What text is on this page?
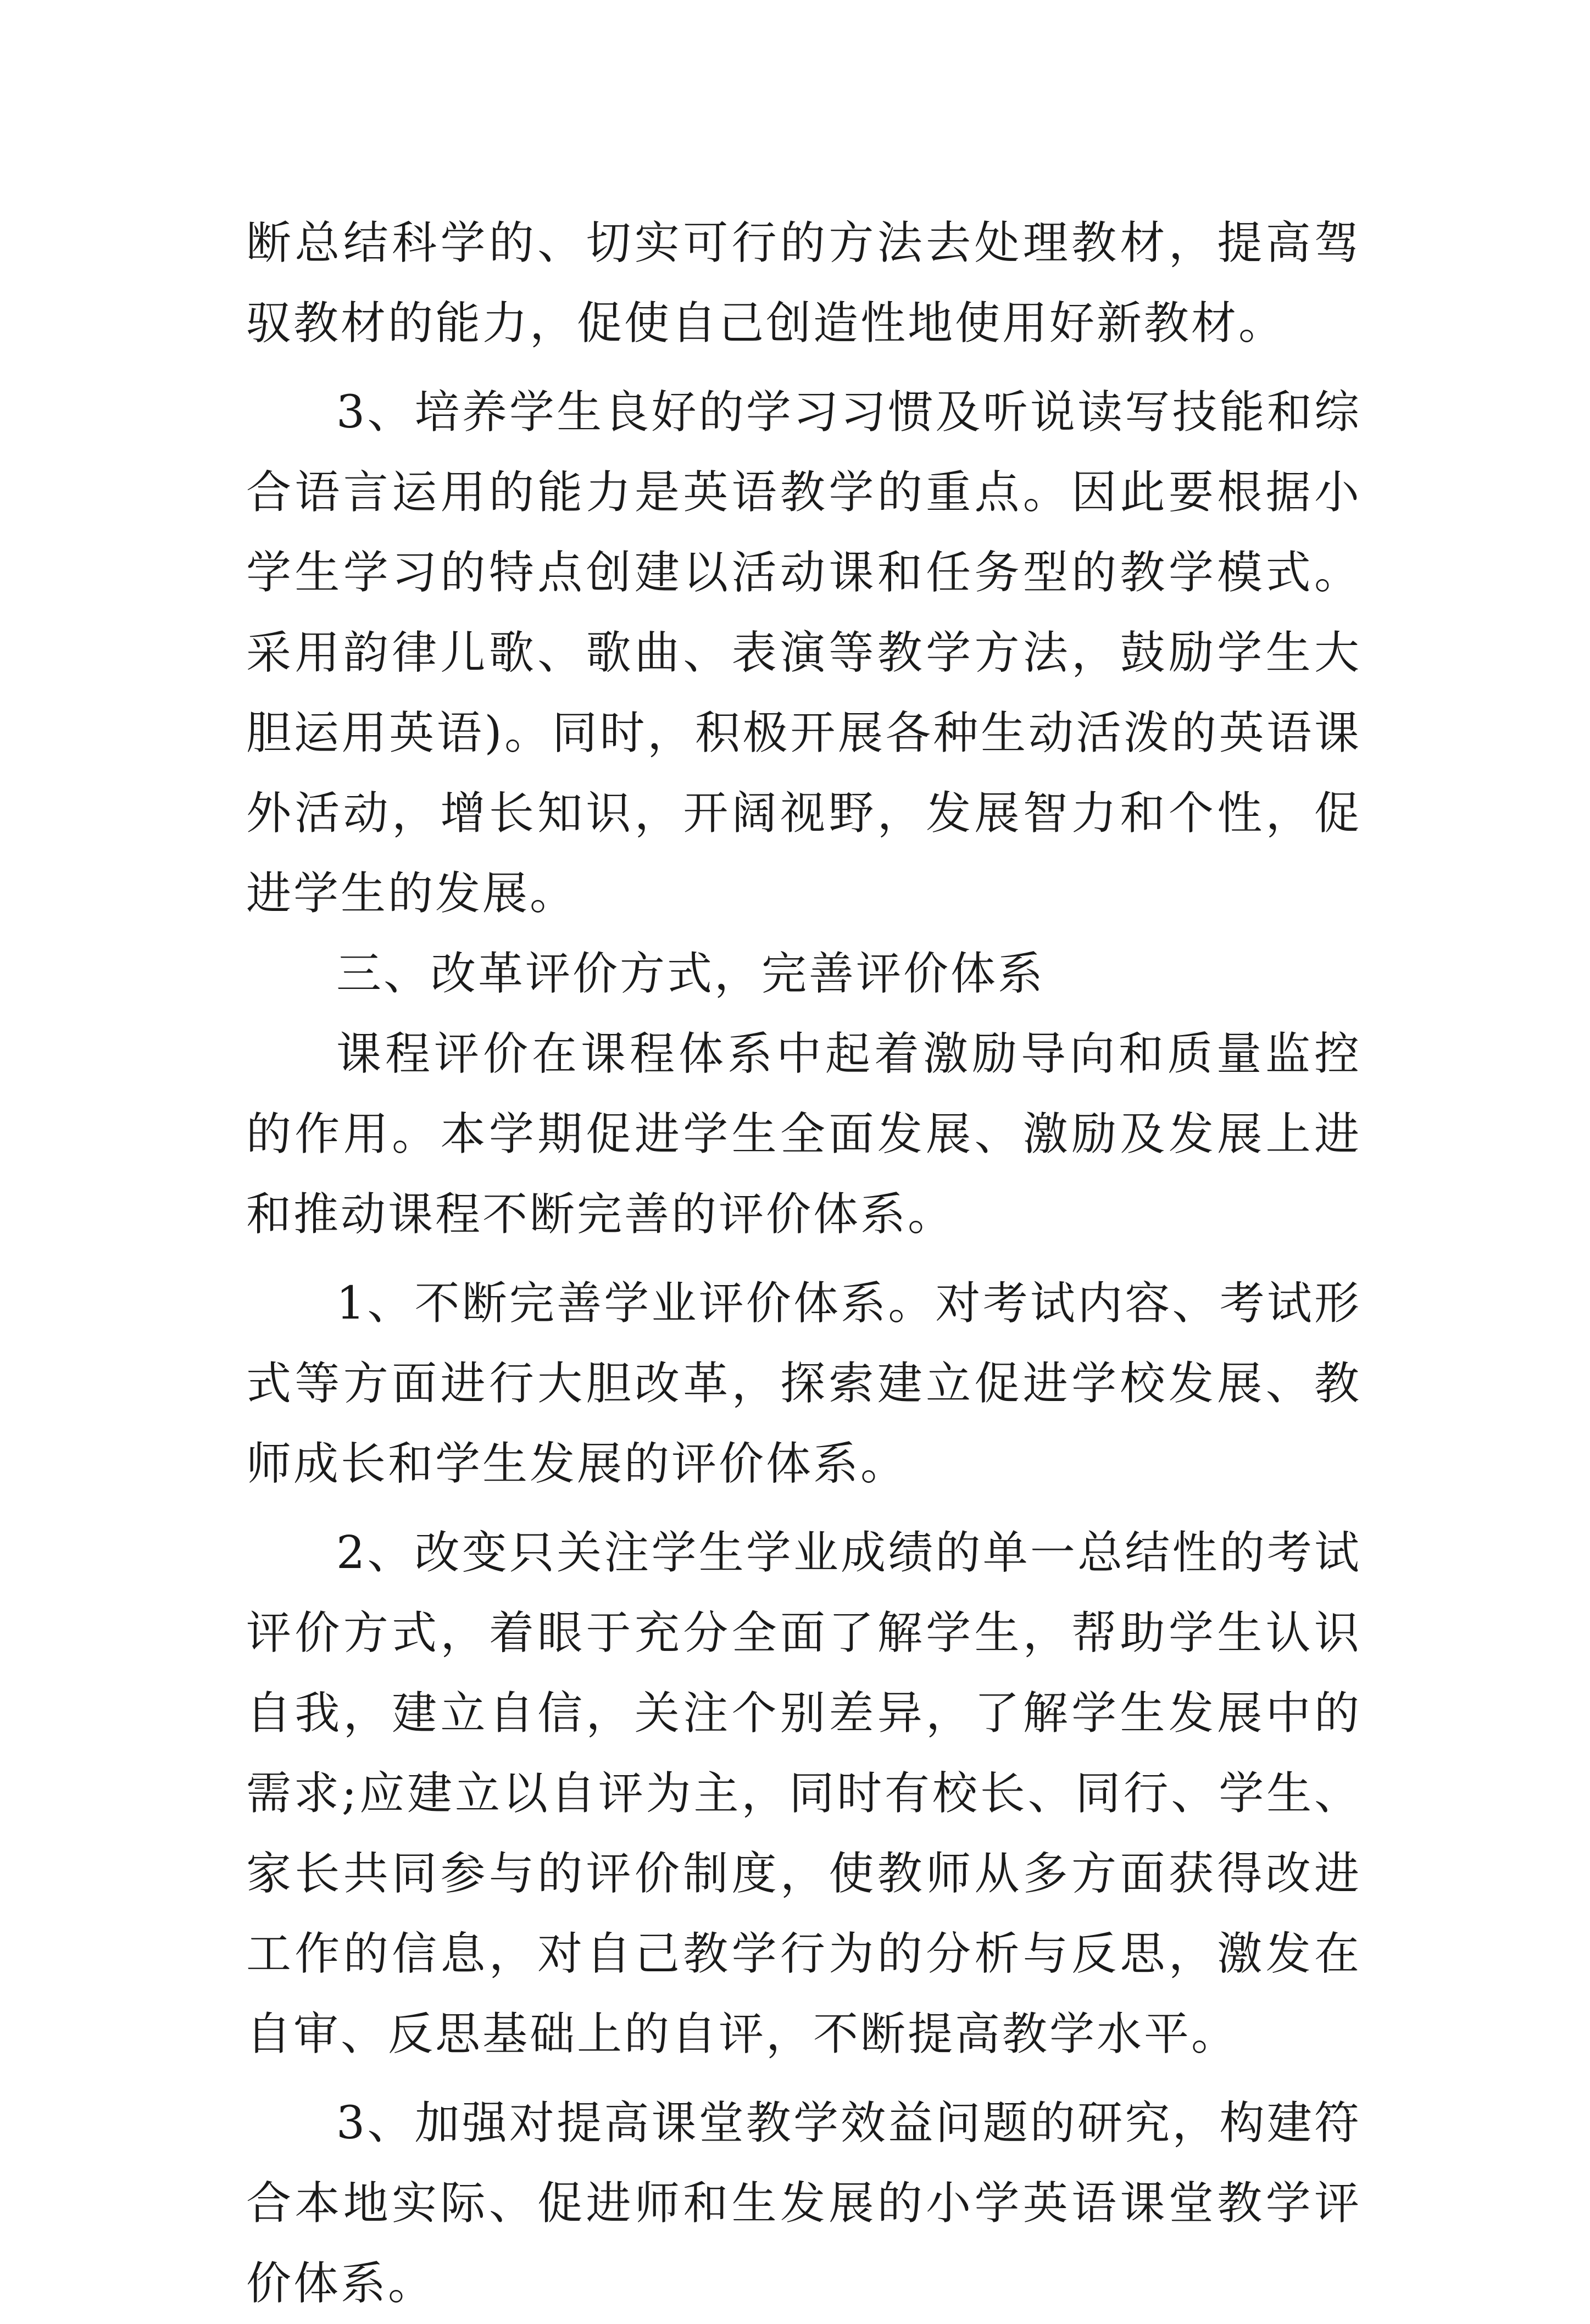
断总结科学的、切实可行的方法去处理教材，提高驾驭教材的能力，促使自己创造性地使用好新教材。

3、培养学生良好的学习习惯及听说读写技能和综合语言运用的能力是英语教学的重点。因此要根据小学生学习的特点创建以活动课和任务型的教学模式。采用韵律儿歌、歌曲、表演等教学方法，鼓励学生大胆运用英语)。同时，积极开展各种生动活泼的英语课外活动，增长知识，开阔视野，发展智力和个性，促进学生的发展。

三、改革评价方式，完善评价体系

课程评价在课程体系中起着激励导向和质量监控的作用。本学期促进学生全面发展、激励及发展上进和推动课程不断完善的评价体系。

1、不断完善学业评价体系。对考试内容、考试形式等方面进行大胆改革，探索建立促进学校发展、教师成长和学生发展的评价体系。

2、改变只关注学生学业成绩的单一总结性的考试评价方式，着眼于充分全面了解学生，帮助学生认识自我，建立自信，关注个别差异，了解学生发展中的需求;应建立以自评为主，同时有校长、同行、学生、家长共同参与的评价制度，使教师从多方面获得改进工作的信息，对自己教学行为的分析与反思，激发在自审、反思基础上的自评，不断提高教学水平。

3、加强对提高课堂教学效益问题的研究，构建符合本地实际、促进师和生发展的小学英语课堂教学评价体系。
